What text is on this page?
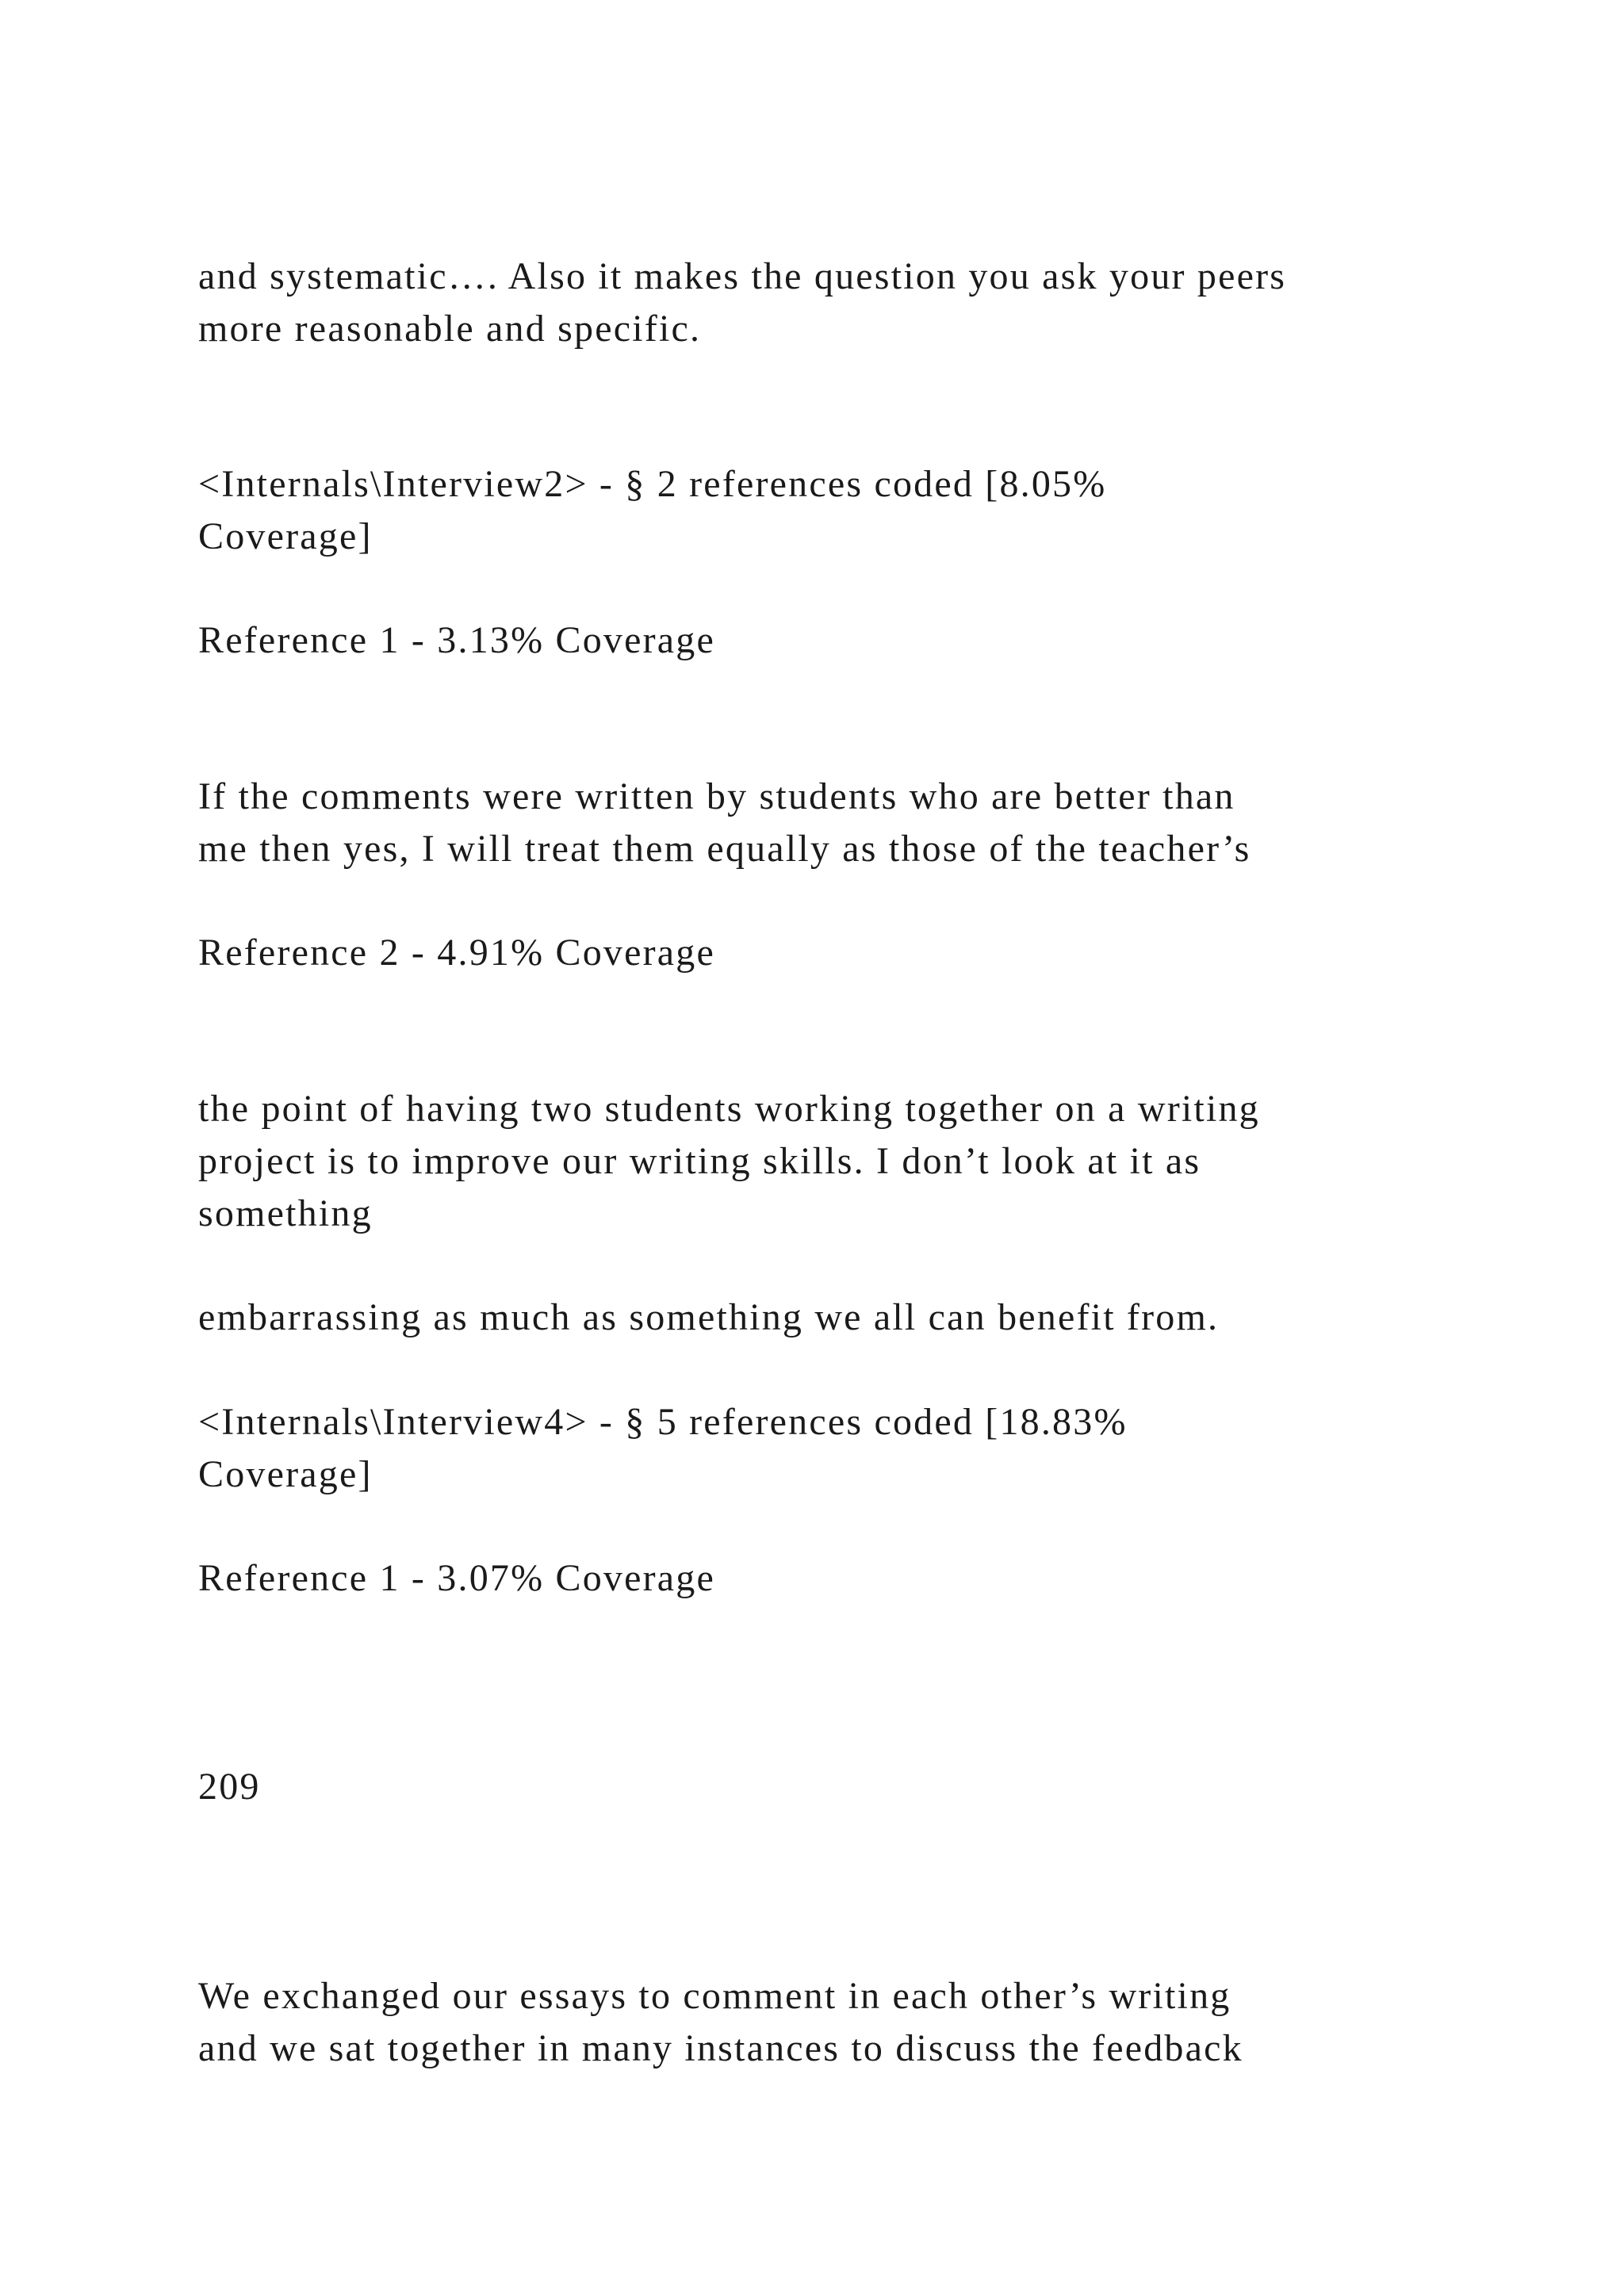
and systematic…. Also it makes the question you ask your peers

more reasonable and specific.

<Internals\Interview2> - § 2 references coded [8.05%

Coverage]

Reference 1 - 3.13% Coverage

If the comments were written by students who are better than

me then yes, I will treat them equally as those of the teacher’s

Reference 2 - 4.91% Coverage

the point of having two students working together on a writing

project is to improve our writing skills. I don’t look at it as

something

embarrassing as much as something we all can benefit from.

<Internals\Interview4> - § 5 references coded [18.83%

Coverage]

Reference 1 - 3.07% Coverage

209

We exchanged our essays to comment in each other’s writing

and we sat together in many instances to discuss the feedback
